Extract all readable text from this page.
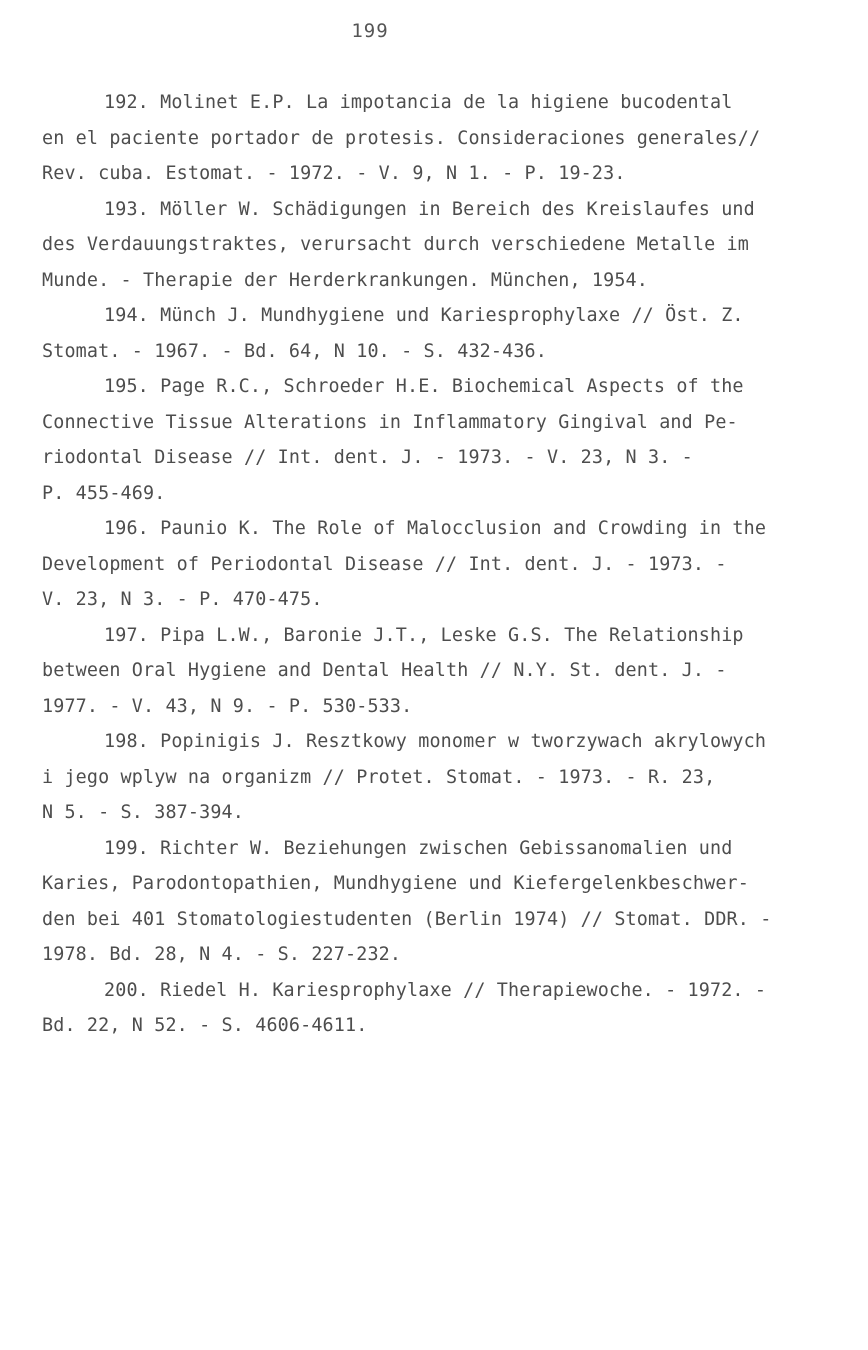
199
192. Molinet E.P. La impotancia de la higiene bucodental
en el paciente portador de protesis. Consideraciones generales//
Rev. cuba. Estomat. - 1972. - V. 9, N 1. - P. 19-23.
193. Möller W. Schädigungen in Bereich des Kreislaufes und
des Verdauungstraktes, verursacht durch verschiedene Metalle im
Munde. - Therapie der Herderkrankungen. München, 1954.
194. Münch J. Mundhygiene und Kariesprophylaxe // Öst. Z.
Stomat. - 1967. - Bd. 64, N 10. - S. 432-436.
195. Page R.C., Schroeder H.E. Biochemical Aspects of the
Connective Tissue Alterations in Inflammatory Gingival and Pe-
riodontal Disease // Int. dent. J. - 1973. - V. 23, N 3. -
P. 455-469.
196. Paunio K. The Role of Malocclusion and Crowding in the
Development of Periodontal Disease // Int. dent. J. - 1973. -
V. 23, N 3. - P. 470-475.
197. Pipa L.W., Baronie J.T., Leske G.S. The Relationship
between Oral Hygiene and Dental Health // N.Y. St. dent. J. -
1977. - V. 43, N 9. - P. 530-533.
198. Popinigis J. Resztkowy monomer w tworzywach akrylowych
i jego wplyw na organizm // Protet. Stomat. - 1973. - R. 23,
N 5. - S. 387-394.
199. Richter W. Beziehungen zwischen Gebissanomalien und
Karies, Parodontopathien, Mundhygiene und Kiefergelenkbeschwer-
den bei 401 Stomatologiestudenten (Berlin 1974) // Stomat. DDR. -
1978. Bd. 28, N 4. - S. 227-232.
200. Riedel H. Kariesprophylaxe // Therapiewoche. - 1972. -
Bd. 22, N 52. - S. 4606-4611.
